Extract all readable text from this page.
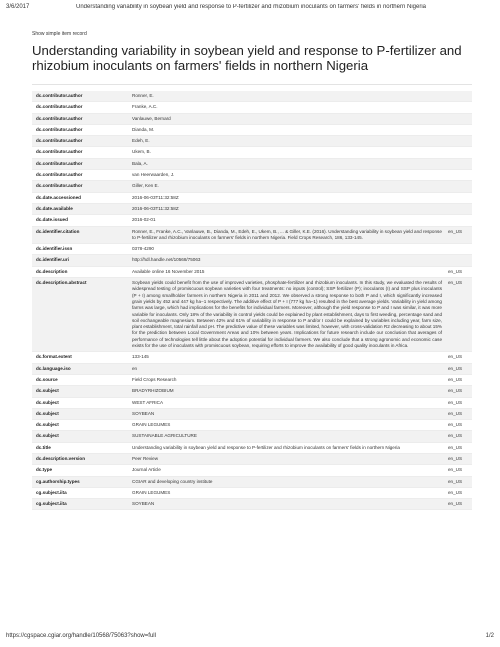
3/6/2017	Understanding variability in soybean yield and response to P-fertilizer and rhizobium inoculants on farmers' fields in northern Nigeria
Show simple item record
Understanding variability in soybean yield and response to P-fertilizer and rhizobium inoculants on farmers' fields in northern Nigeria
dc.contributor.author	Ronner, E.	
dc.contributor.author	Franke, A.C.	
dc.contributor.author	Vanlauwe, Bernard	
dc.contributor.author	Dianda, M.	
dc.contributor.author	Edeh, E.	
dc.contributor.author	Ukem, B.	
dc.contributor.author	Bala, A.	
dc.contributor.author	van Heerwaarden, J.	
dc.contributor.author	Giller, Ken E.	
dc.date.accessioned	2016-06-03T11:32:58Z	
dc.date.available	2016-06-03T11:32:58Z	
dc.date.issued	2016-02-01	
dc.identifier.citation	Ronner, E., Franke, A.C., Vanlauwe, B., Dianda, M., Edeh, E., Ukem, B., ... & Giller, K.E. (2016). Understanding variability in soybean yield and response to P-fertilizer and rhizobium inoculants on farmers' fields in northern Nigeria. Field Crops Research, 186, 133-145.	en_US
dc.identifier.issn	0378-4290	
dc.identifier.uri	http://hdl.handle.net/10568/75063	
dc.description	Available online 16 November 2015	en_US
dc.description.abstract	Soybean yields could benefit from the use of improved varieties, phosphate-fertilizer and rhizobium inoculants. In this study, we evaluated the results of widespread testing of promiscuous soybean varieties with four treatments: no inputs (control); SSP fertilizer (P); inoculants (I) and SSP plus inoculants (P + I) among smallholder farmers in northern Nigeria in 2011 and 2012. We observed a strong response to both P and I, which significantly increased grain yields by 452 and 447 kg ha−1 respectively. The additive effect of P + I (777 kg ha−1) resulted in the best average yields. Variability in yield among farms was large, which had implications for the benefits for individual farmers. Moreover, although the yield response to P and I was similar, it was more variable for inoculants. Only 18% of the variability in control yields could be explained by plant establishment, days to first weeding, percentage sand and soil exchangeable magnesium. Between 42% and 61% of variability in response to P and/or I could be explained by variables including year, farm size, plant establishment, total rainfall and pH. The predictive value of these variables was limited, however, with cross-validation R2 decreasing to about 15% for the prediction between Local Government Areas and 10% between years. Implications for future research include our conclusion that averages of performance of technologies tell little about the adoption potential for individual farmers. We also conclude that a strong agronomic and economic case exists for the use of inoculants with promiscuous soybean, requiring efforts to improve the availability of good quality inoculants in Africa.	en_US
dc.format.extent	133-145	en_US
dc.language.iso	en	en_US
dc.source	Field Crops Research	en_US
dc.subject	BRADYRHIZOBIUM	en_US
dc.subject	WEST AFRICA	en_US
dc.subject	SOYBEAN	en_US
dc.subject	GRAIN LEGUMES	en_US
dc.subject	SUSTAINABLE AGRICULTURE	en_US
dc.title	Understanding variability in soybean yield and response to P-fertilizer and rhizobium inoculants on farmers' fields in northern Nigeria	en_US
dc.description.version	Peer Review	en_US
dc.type	Journal Article	en_US
cg.authorship.types	CGIAR and developing country institute	en_US
cg.subject.iita	GRAIN LEGUMES	en_US
cg.subject.iita	SOYBEAN	en_US
https://cgspace.cgiar.org/handle/10568/75063?show=full	1/2
